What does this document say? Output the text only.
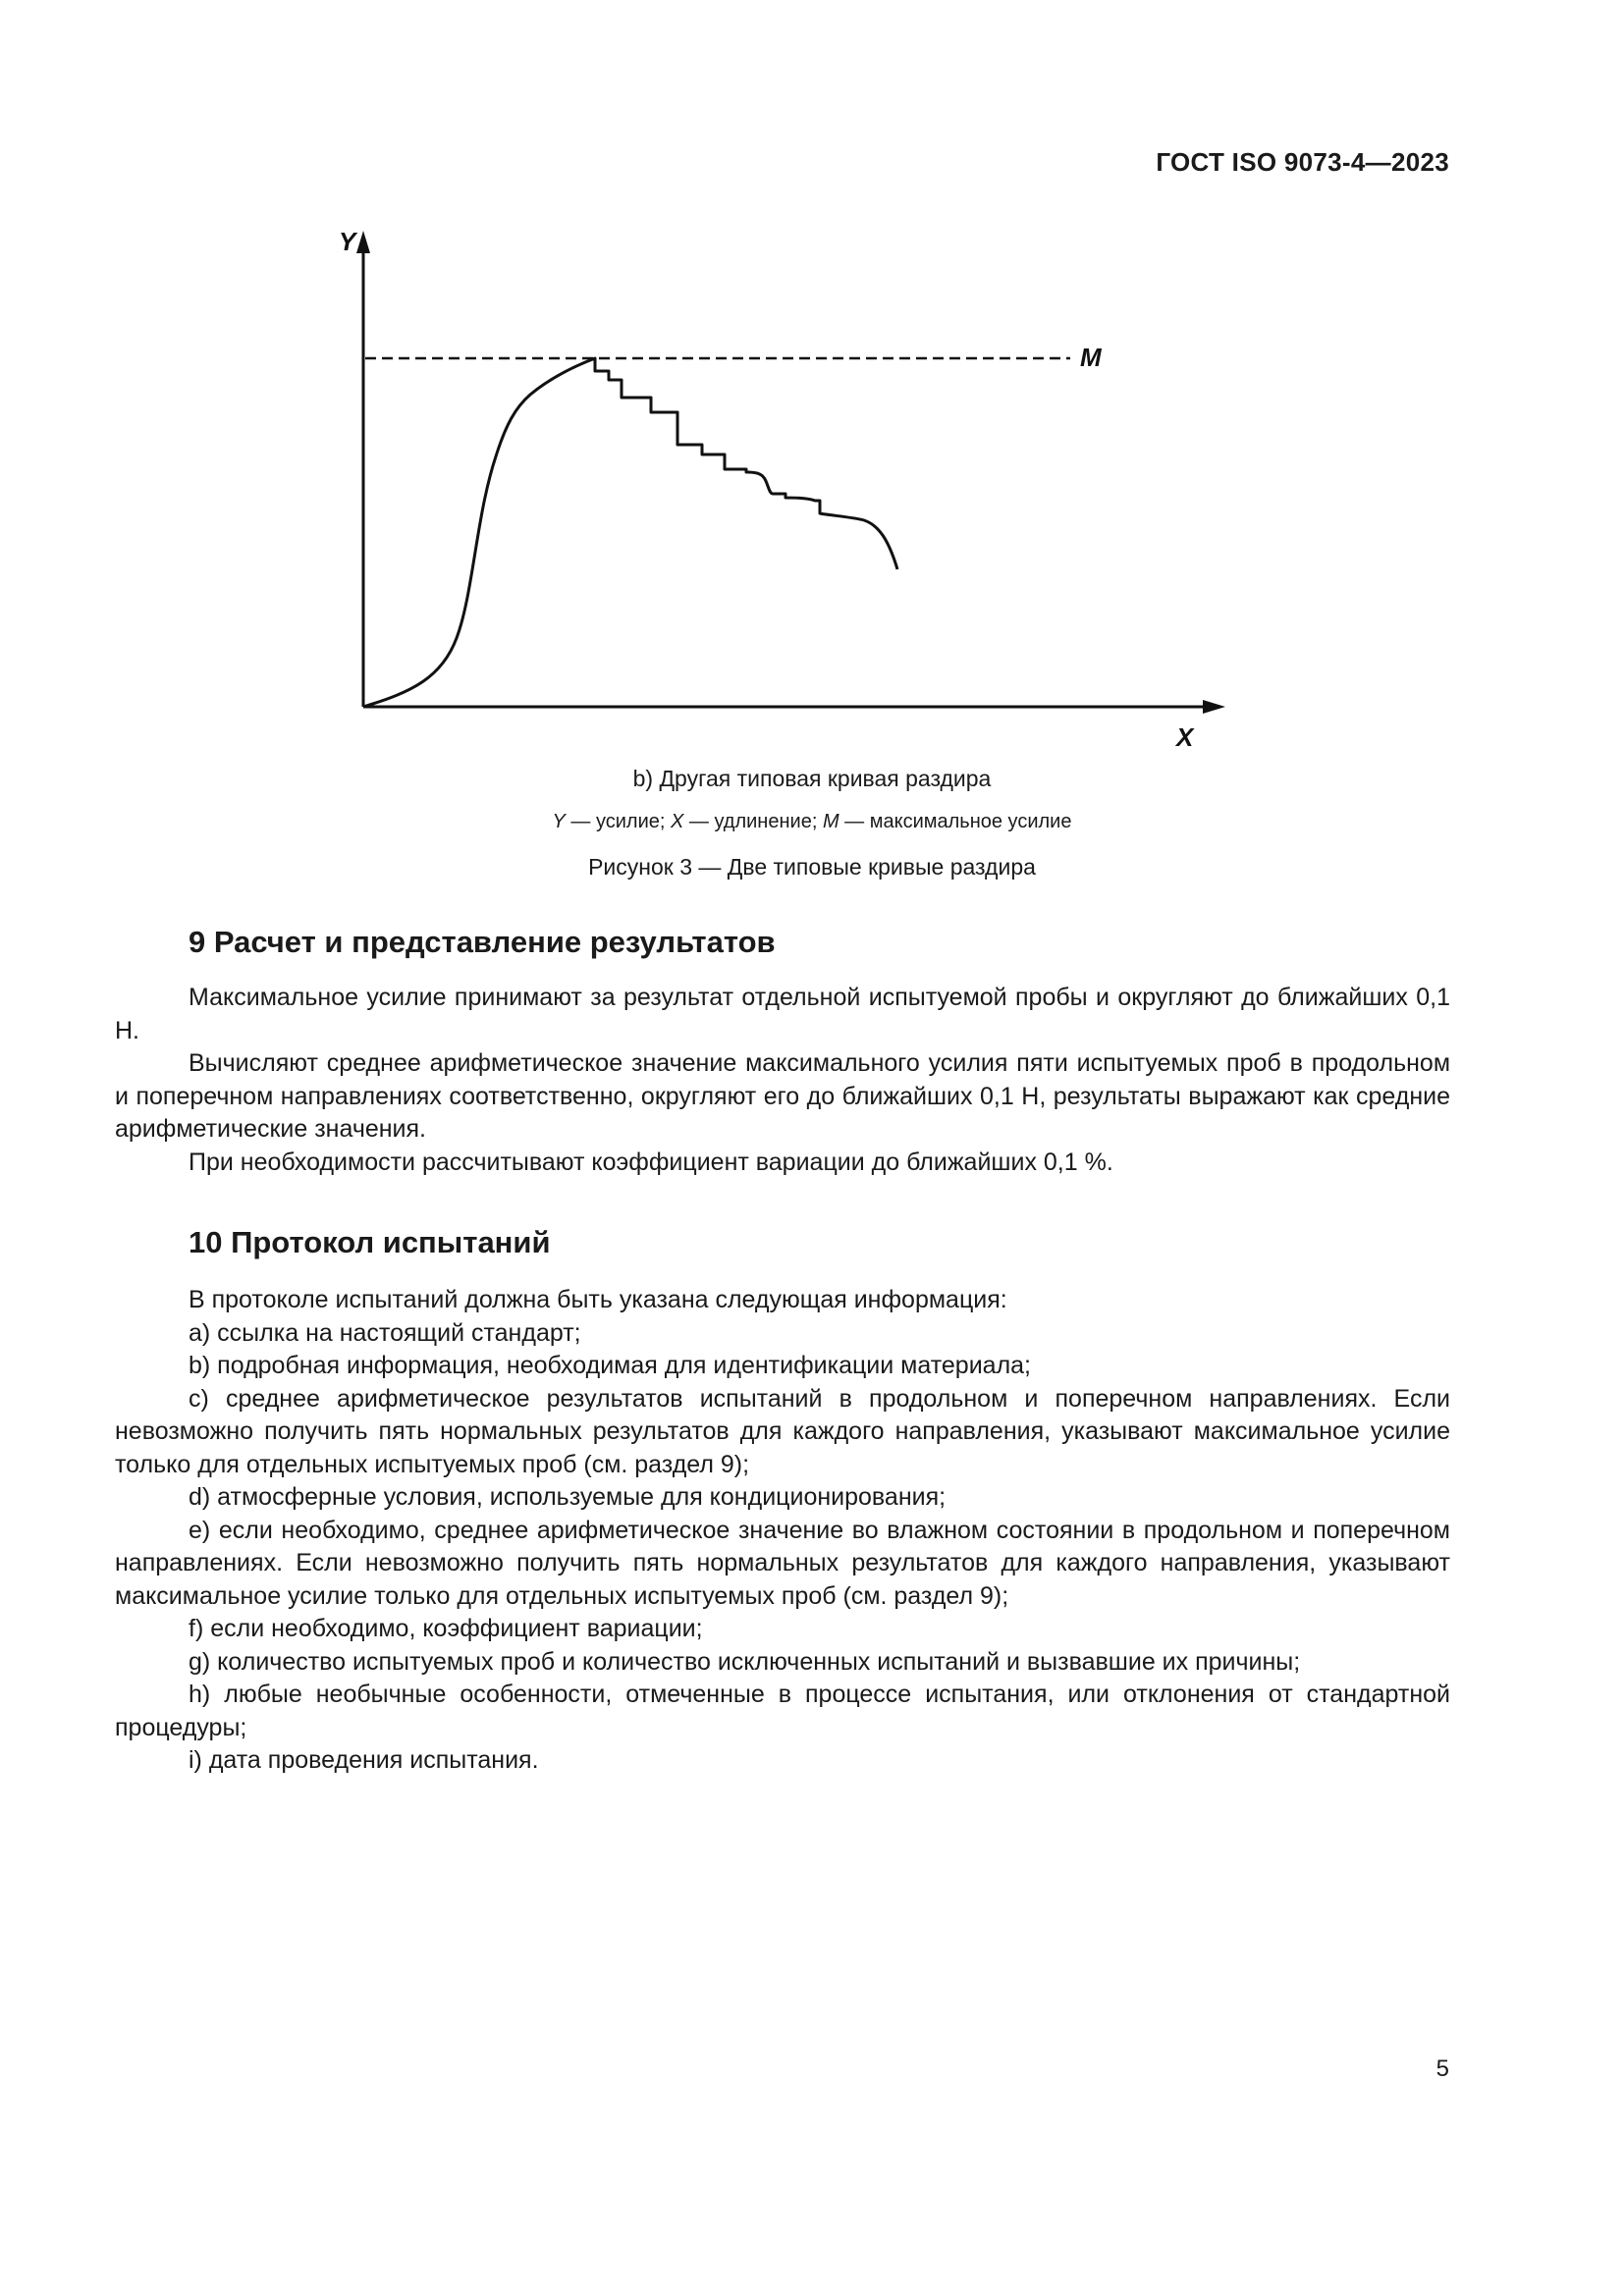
ГОСТ ISO 9073-4—2023
Y
X
M
b) Другая типовая кривая раздира
Y — усилие; X — удлинение; M — максимальное усилие
Рисунок 3 — Две типовые кривые раздира
9 Расчет и представление результатов

Максимальное усилие принимают за результат отдельной испытуемой пробы и округляют до ближайших 0,1 Н.

Вычисляют среднее арифметическое значение максимального усилия пяти испытуемых проб в продольном и поперечном направлениях соответственно, округляют его до ближайших 0,1 Н, результаты выражают как средние арифметические значения.

При необходимости рассчитывают коэффициент вариации до ближайших 0,1 %.

10 Протокол испытаний

В протоколе испытаний должна быть указана следующая информация:

a) ссылка на настоящий стандарт;

b) подробная информация, необходимая для идентификации материала;

c) среднее арифметическое результатов испытаний в продольном и поперечном направлениях. Если невозможно получить пять нормальных результатов для каждого направления, указывают максимальное усилие только для отдельных испытуемых проб (см. раздел 9);

d) атмосферные условия, используемые для кондиционирования;

e) если необходимо, среднее арифметическое значение во влажном состоянии в продольном и поперечном направлениях. Если невозможно получить пять нормальных результатов для каждого направления, указывают максимальное усилие только для отдельных испытуемых проб (см. раздел 9);

f) если необходимо, коэффициент вариации;

g) количество испытуемых проб и количество исключенных испытаний и вызвавшие их причины;

h) любые необычные особенности, отмеченные в процессе испытания, или отклонения от стандартной процедуры;

i) дата проведения испытания.

5
